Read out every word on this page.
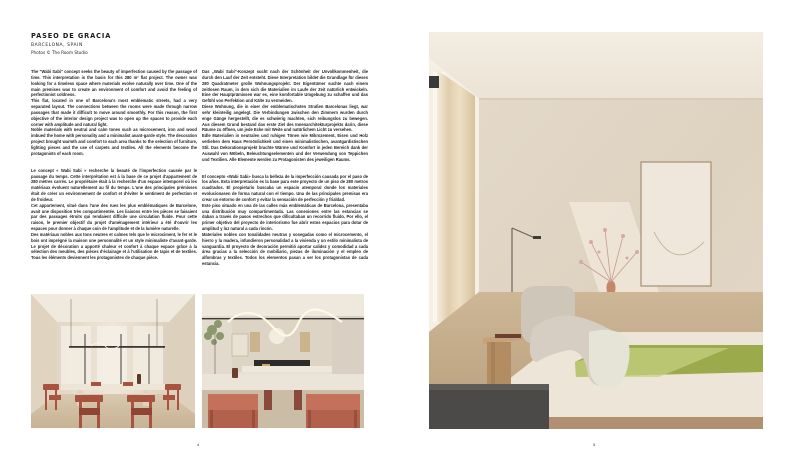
PASEO DE GRACIA
BARCELONA, SPAIN
Photos © The Room Studio

The "Wabi Sabi" concept seeks the beauty of imperfection caused by the passage of time. This interpretation is the basis for this 280 m² flat project. The owner was looking for a timeless space where materials evolve naturally over time. One of the main premises was to create an environment of comfort and avoid the feeling of perfectionist coldness.

This flat, located in one of Barcelona's most emblematic streets, had a very separated layout. The connections between the rooms were made through narrow passages that made it difficult to move around smoothly. For this reason, the first objective of the interior design project was to open up the spaces to provide each corner with amplitude and natural light.

Noble materials with neutral and calm tones such as microcement, iron and wood imbued the home with personality and a minimalist avant-garde style. The decoration project brought warmth and comfort to each area thanks to the selection of furniture, lighting pieces and the use of carpets and textiles. All the elements become the protagonists of each room.

Le concept « Wabi Sabi » recherche la beauté de l'imperfection causée par le passage du temps. Cette interprétation est à la base de ce projet d'appartement de 280 mètres carrés. Le propriétaire était à la recherche d'un espace intemporel où les matériaux évoluent naturellement au fil du temps. L'une des principales prémisses était de créer un environnement de confort et d'éviter le sentiment de perfection et de froideur.

Cet appartement, situé dans l'une des rues les plus emblématiques de Barcelone, avait une disposition très compartimentée. Les liaisons entre les pièces se faisaient par des passages étroits qui rendaient difficile une circulation fluide. Pour cette raison, le premier objectif du projet d'aménagement intérieur a été d'ouvrir les espaces pour donner à chaque coin de l'amplitude et de la lumière naturelle.

Des matériaux nobles aux tons neutres et calmes tels que le microciment, le fer et le bois ont imprégné la maison une personnalité et un style minimaliste d'avant-garde. Le projet de décoration a apporté chaleur et confort à chaque espace grâce à la sélection des meubles, des pièces d'éclairage et à l'utilisation de tapis et de textiles. Tous les éléments deviennent les protagonistes de chaque pièce.

Das „Wabi Sabi“-Konzept sucht nach der Schönheit der Unvollkommenheit, die durch den Lauf der Zeit entsteht. Diese Interpretation bildet die Grundlage für dieses 280 Quadratmeter große Wohnungsprojekt. Der Eigentümer suchte nach einem zeitlosen Raum, in dem sich die Materialien im Laufe der Zeit natürlich entwickeln. Eine der Hauptprämissen war es, eine komfortable Umgebung zu schaffen und das Gefühl von Perfektion und Kälte zu vermeiden.

Diese Wohnung, die in einer der emblematischsten Straßen Barcelonas liegt, war sehr kleinteilig angelegt. Die Verbindungen zwischen den Zimmern wurden durch enge Gänge hergestellt, die es schwierig machten, sich reibungslos zu bewegen. Aus diesem Grund bestand das erste Ziel des Innenarchitekturprojekts darin, diese Räume zu öffnen, um jede Ecke mit Weite und natürlichem Licht zu versehen.

Edle Materialien in neutralen und ruhigen Tönen wie Mikrozement, Eisen und Holz verliehen dem Haus Persönlichkeit und einen minimalistischen, avantgardistischen Stil. Das Dekorationsprojekt brachte Wärme und Komfort in jeden Bereich dank der Auswahl von Möbeln, Beleuchtungselementen und der Verwendung von Teppichen und Textilien. Alle Elemente werden zu Protagonisten des jeweiligen Raums.

El concepto «Wabi Sabi» busca la belleza de la imperfección causada por el paso de los años. Esta interpretación es la base para este proyecto de un piso de 280 metros cuadrados. El propietario buscaba un espacio atemporal donde los materiales evolucionasen de forma natural con el tiempo. Una de las principales premisas era crear un entorno de confort y evitar la sensación de perfección y frialdad.

Este piso situado en una de las calles más emblemáticas de Barcelona, presentaba una distribución muy compartimentada. Las conexiones entre las estancias se daban a través de pasos estrechos que dificultaban un recorrido fluido. Por ello, el primer objetivo del proyecto de interiorismo fue abrir estos espacios para dotar de amplitud y luz natural a cada rincón.

Materiales nobles con tonalidades neutras y sosegadas como el microcemento, el hierro y la madera, infundieron personalidad a la vivienda y un estilo minimalista de vanguardia. El proyecto de decoración permitió aportar calidez y comodidad a cada área gracias a la selección de mobiliario, piezas de iluminación y el empleo de alfombras y textiles. Todos los elementos pasan a ser los protagonistas de cada estancia.

4	5
